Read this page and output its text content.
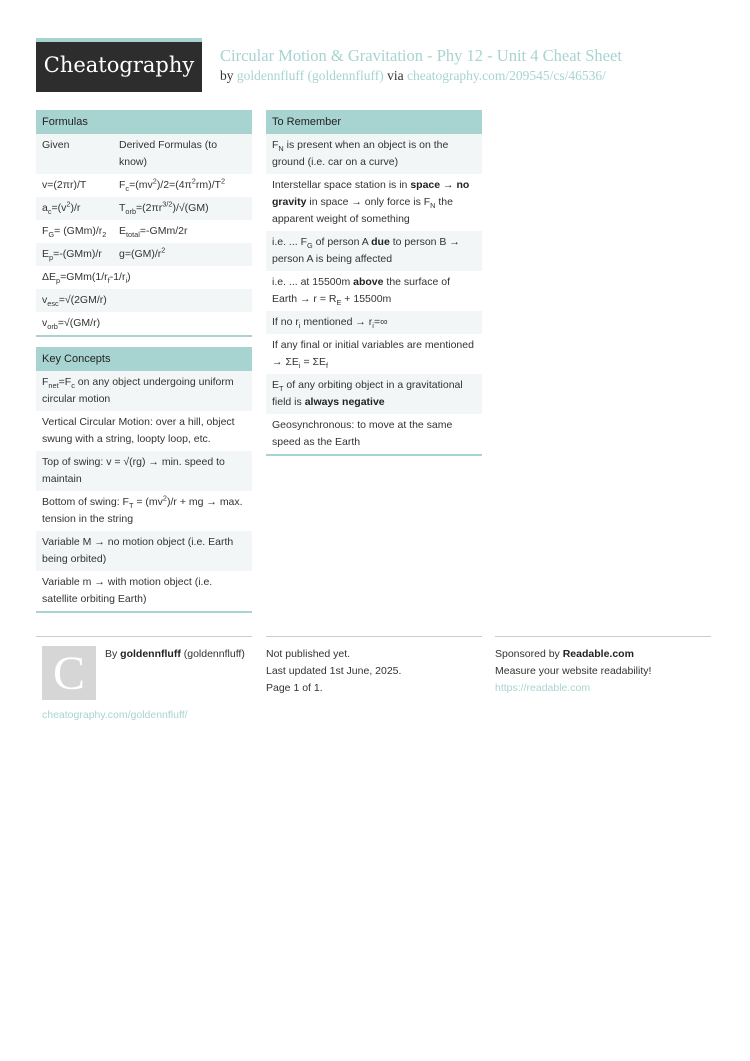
Cheatography Circular Motion & Gravitation - Phy 12 - Unit 4 Cheat Sheet
by goldennfluff (goldennfluff) via cheatography.com/209545/cs/46536/
Formulas
Given	Derived Formulas (to know)
v=(2πr)/T	$F_c=(mv^2)/2=(4\pi^2rm)/T^2$
$a_c=(v^2)/r$	$T_{orb}=(2\pi r^{3/2})/√(GM)$
$F_G= (GMm)/r_2$	$E_{total}=-GMm/2r$
$E_p=-(GMm)/r$	$g=(GM)/r^2$
$\Delta E_p=GMm(1/r_f-1/r_i)$
$v_{esc}=√(2GM/r)$
$v_{orb}=√(GM/r)$
Key Concepts
$F_{net}=F_c$ on any object undergoing uniform circular motion
Vertical Circular Motion: over a hill, object swung with a string, loopty loop, etc.
Top of swing: v = √(rg) → min. speed to maintain
Bottom of swing: $F_T = (mv^2)/r$ + mg → max. tension in the string
Variable M → no motion object (i.e. Earth being orbited)
Variable m → with motion object (i.e. satellite orbiting Earth)
To Remember
$F_N$ is present when an object is on the ground (i.e. car on a curve)
Interstellar space station is in space → no gravity in space → only force is $F_N$ the apparent weight of something
i.e. ... $F_G$ of person A due to person B → person A is being affected
i.e. ... at 15500m above the surface of Earth → $r = R_E + 15500m$
If no $r_i$ mentioned → $r_i=\infty$
If any final or initial variables are mentioned → $\Sigma E_i = \Sigma E_f$
$E_T$ of any orbiting object in a gravitational field is always negative
Geosynchronous: to move at the same speed as the Earth
C	By goldennfluff (goldennfluff)
cheatography.com/goldennfluff/
Not published yet.
Last updated 1st June, 2025.
Page 1 of 1.
Sponsored by Readable.com
Measure your website readability!
https://readable.com
